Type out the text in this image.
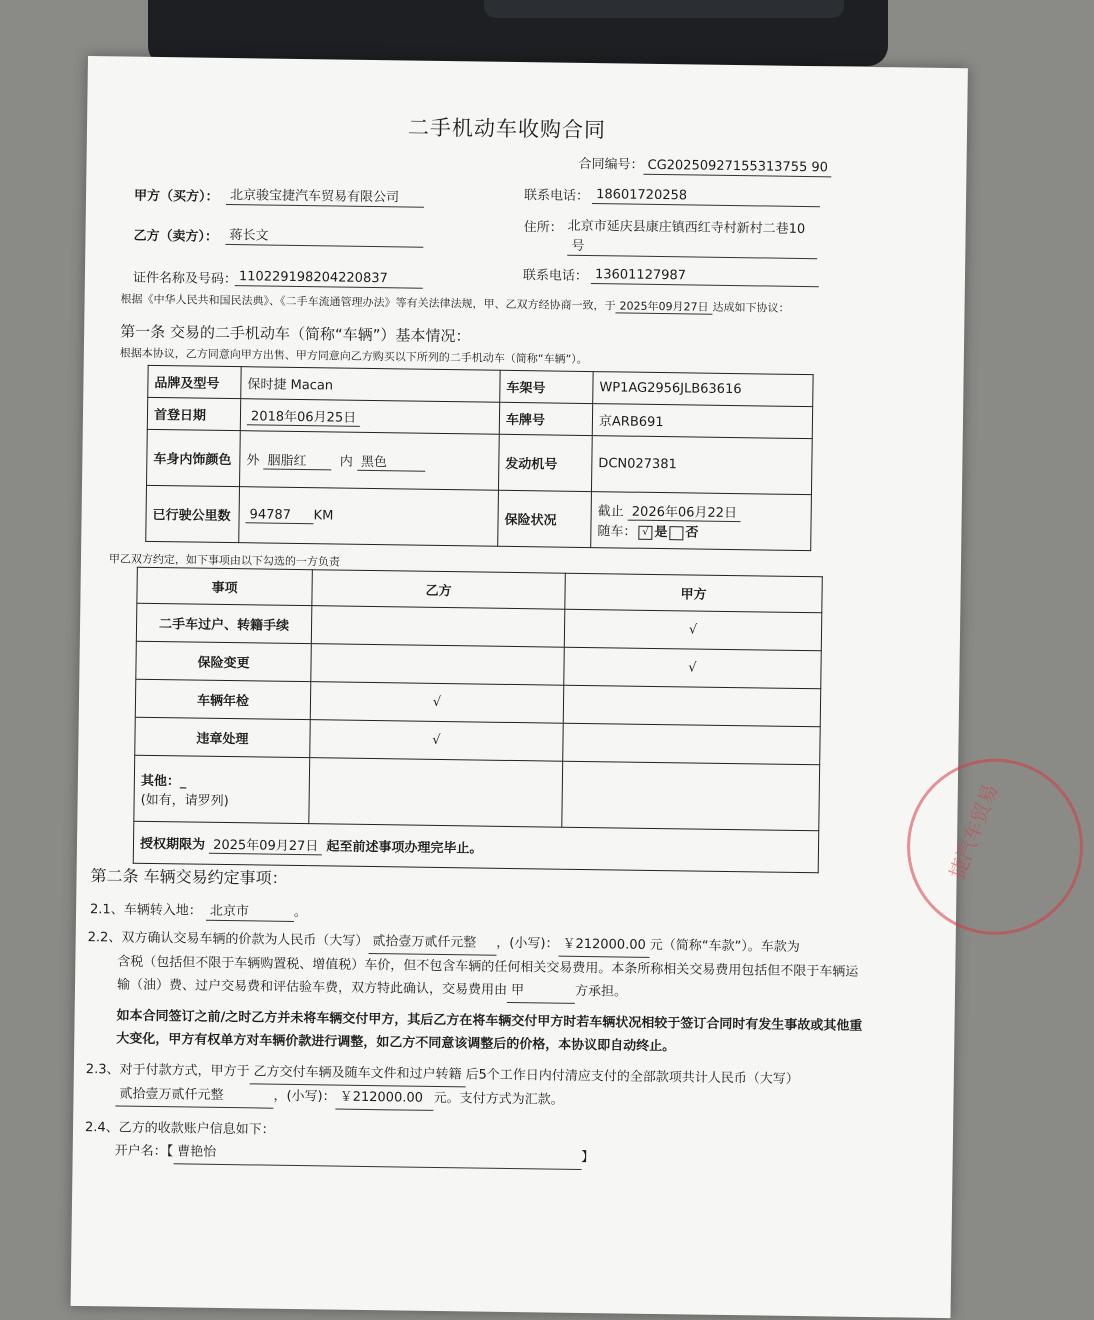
二手机动车收购合同
合同编号： CG20250927155313755 90
甲方（买方）： 北京骏宝捷汽车贸易有限公司	联系电话： 18601720258
乙方（卖方）： 蒋长文
住所： 北京市延庆县康庄镇西红寺村新村二巷10
号
证件名称及号码： 110229198204220837	联系电话： 13601127987
根据《中华人民共和国民法典》、《二手车流通管理办法》等有关法律法规，甲、乙双方经协商一致，于 2025年09月27日 达成如下协议：
第一条 交易的二手机动车（简称“车辆”）基本情况：
根据本协议，乙方同意向甲方出售、甲方同意向乙方购买以下所列的二手机动车（简称“车辆”）。
品牌及型号	保时捷 Macan	车架号	WP1AG2956JLB63616
首登日期	2018年06月25日	车牌号	京ARB691
车身内饰颜色	外 胭脂红 内 黑色	发动机号	DCN027381
已行驶公里数	94787 KM	保险状况	截止 2026年06月22日
随车： √ 是 否
甲乙双方约定，如下事项由以下勾选的一方负责
事项	乙方	甲方
二手车过户、转籍手续		√
保险变更		√
车辆年检	√	
违章处理	√	

其他：_
(如有，请罗列)		

授权期限为 2025年09月27日 起至前述事项办理完毕止。		
第二条 车辆交易约定事项：
2.1、车辆转入地： 北京市	。
2.2、双方确认交易车辆的价款为人民币（大写） 贰拾壹万贰仟元整 ，(小写)： ￥212000.00 元（简称“车款”）。车款为
含税（包括但不限于车辆购置税、增值税）车价，但不包含车辆的任何相关交易费用。本条所称相关交易费用包括但不限于车辆运
输（油）费、过户交易费和评估验车费，双方特此确认，交易费用由 甲	方承担。
如本合同签订之前/之时乙方并未将车辆交付甲方，其后乙方在将车辆交付甲方时若车辆状况相较于签订合同时有发生事故或其他重
大变化，甲方有权单方对车辆价款进行调整，如乙方不同意该调整后的价格，本协议即自动终止。
2.3、对于付款方式，甲方于 乙方交付车辆及随车文件和过户转籍 后5个工作日内付清应支付的全部款项共计人民币（大写）
贰拾壹万贰仟元整	，(小写)： ￥212000.00 元。支付方式为汇款。
2.4、乙方的收款账户信息如下：
开户名：【 曹艳怡	】
捷汽车贸易
